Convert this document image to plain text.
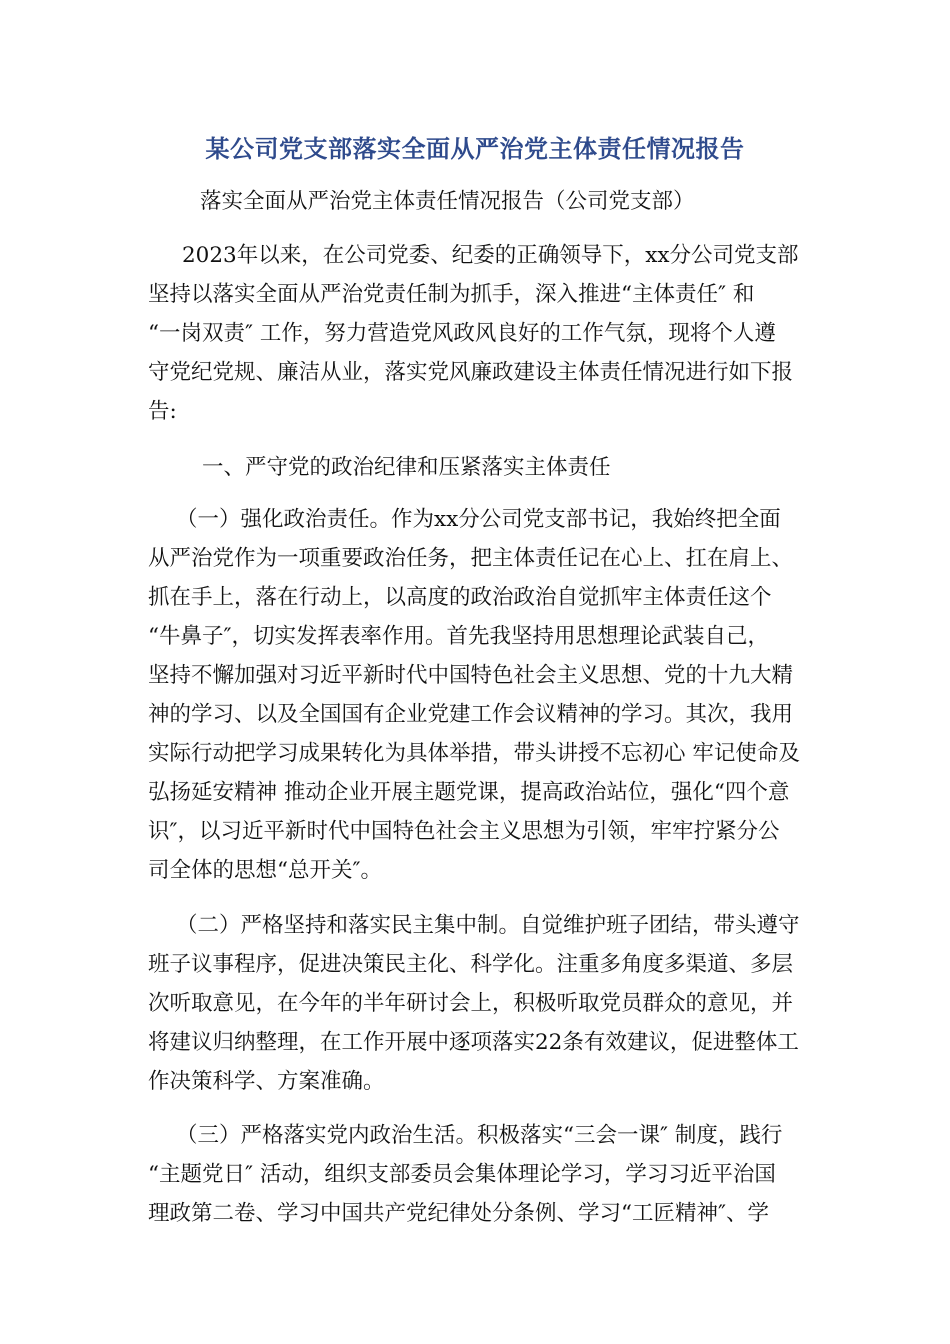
某公司党支部落实全面从严治党主体责任情况报告
落实全面从严治党主体责任情况报告（公司党支部）
2023年以来，在公司党委、纪委的正确领导下，xx分公司党支部
坚持以落实全面从严治党责任制为抓手，深入推进“主体责任″ 和
“一岗双责″ 工作，努力营造党风政风良好的工作气氛，现将个人遵
守党纪党规、廉洁从业，落实党风廉政建设主体责任情况进行如下报
告:
一、严守党的政治纪律和压紧落实主体责任
（一）强化政治责任。作为xx分公司党支部书记，我始终把全面
从严治党作为一项重要政治任务，把主体责任记在心上、扛在肩上、
抓在手上，落在行动上，以高度的政治政治自觉抓牢主体责任这个
“牛鼻子″，切实发挥表率作用。首先我坚持用思想理论武装自己，
坚持不懈加强对习近平新时代中国特色社会主义思想、党的十九大精
神的学习、以及全国国有企业党建工作会议精神的学习。其次，我用
实际行动把学习成果转化为具体举措，带头讲授不忘初心 牢记使命及
弘扬延安精神 推动企业开展主题党课，提高政治站位，强化“四个意
识″，以习近平新时代中国特色社会主义思想为引领，牢牢拧紧分公
司全体的思想“总开关″。
（二）严格坚持和落实民主集中制。自觉维护班子团结，带头遵守
班子议事程序，促进决策民主化、科学化。注重多角度多渠道、多层
次听取意见，在今年的半年研讨会上，积极听取党员群众的意见，并
将建议归纳整理，在工作开展中逐项落实22条有效建议，促进整体工
作决策科学、方案准确。
（三）严格落实党内政治生活。积极落实“三会一课″ 制度，践行
“主题党日″ 活动，组织支部委员会集体理论学习，学习习近平治国
理政第二卷、学习中国共产党纪律处分条例、学习“工匠精神″、学
